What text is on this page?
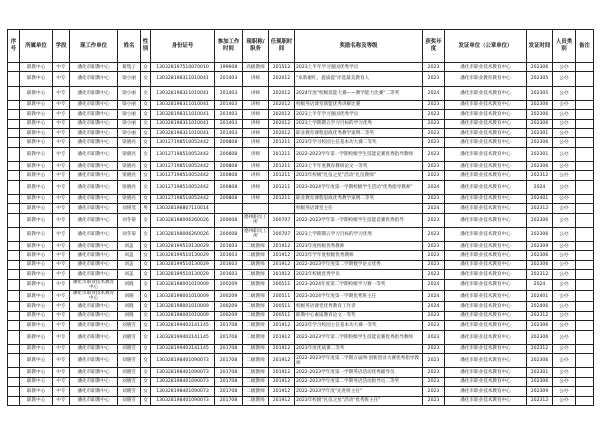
序号	所属单位	学段	现工作单位	姓名	性别	身份证号	参加工作时间	现职称/职务	任现职时间	奖励名称及等级	获奖年度	发证单位（公章单位）	发证时间	人员类别	备注
	职教中心	中专	潘化市职教中心	葛集子	女	130328197510070010	199608	高级教师	201512	2023上半年学习强国优秀学员	2023	潘化市职业技术教育中心	202306	公办	
	职教中心	中专	潘化市职教中心	梁小丽	女	130328198311010041	201403	讲师	202012	"卓新谢红，提质提"评选最美教育人	2023	潘化市职业教育教育中心	202305	公办	
	职教中心	中专	潘化市职教中心	梁小丽	女	130328198311010041	201403	讲师	202012	2024年度"校级技能大赛——教学能力比赛"二等奖	2024	潘化市职业技术教育中心	202305	公办	
	职教中心	中专	潘化市职教中心	梁小丽	女	130328198311010041	201403	讲师	202012	校级英语课堂联盟优秀讲解比赛	2023	潘化市职业技术教育中心	202306	公办	
	职教中心	中专	潘化市职教中心	梁小丽	女	130328198311010041	201403	讲师	202012	2023上半年学习强国优秀学员	2023	潘化市职业技术教育中心	202306	公办	
	职教中心	中专	潘化市职教中心	梁小丽	女	130328198311010041	201403	讲师	202012	2023上学期期五学习目标的学习优秀	2023	潘化市职业技术教育中心	202306	公办	
	职教中心	中专	潘化市职教中心	梁小丽	女	130328198311010041	201403	讲师	202012	职业教育课程思政优秀教学案例二等奖	2023	潘化市职业技术教育中心	202301	公办	
	职教中心	中专	潘化市职教中心	梁晓亮	女	130127198510052442	200808	讲师	201211	2023年学习校园主任基本功大赛二等奖	2023	潘化市职业技术教育中心	202306	公办	
	职教中心	中专	潘化市职教中心	梁晓亮	女	130127198510052442	200808	讲师	201211	2022-2023学年第一学期校级学生技能竞赛优秀指导教师	2023	潘化市职业技术教育中心	202301	公办	
	职教中心	中专	潘化市职教中心	梁晓亮	女	130127198510052442	200808	讲师	201211	2023上半年度教育教研论文一等奖	2023	潘化市职业技术教育中心	202306	公办	
	职教中心	中专	潘化市职教中心	梁晓亮	女	130127198510052442	200808	讲师	201211	2023年校级"礼仪之星"活动"礼仪教师"	2023	潘化市职业技术教育中心	202312	公办	
	职教中心	中专	潘化市职教中心	梁晓亮	女	130127198510052442	200808	讲师	201211	2023-2024学年度第一学期校级学生活动"优秀指导教师"	2024	潘化市职业技术教育中心	2024	公办	
	职教中心	中专	潘化市职教中心	梁晓亮	女	130127198510052442	200808	讲师	201211	职业教育课程思政优秀教学案例二等奖	2023	潘化市职业技术教育中心	202401	公办	
	职教中心	中专	潘化市职教中心	刘僖茂	男	130328198807110014				校级英语课堂主任	2024	潘化市职业技术教育中心	202312	公办	
	职教中心	中专	潘化市职教中心	刘冬菊	女	130328198006260026	200008	德州职员工所	200707	2022-2023学年第一学期校级学生技能竞赛优秀指导	2023	潘化市职业技术教育中心	202306	公办	
	职教中心	中专	潘化市职教中心	刘冬菊	女	130328198006260026	200008	德州职员工所	200707	2023上学期期五学习目标的学习优秀	2023	潘化市职业技术教育中心	202306	公办	
	职教中心	中专	潘化市职教中心	刘盖	女	130328199510130029	201603	二级教师	201912	2023年度校级优秀教师	2023	潘化市职业技术教育中心	202309	公办	
	职教中心	中专	潘化市职教中心	刘盖	女	130328199510130029	201603	二级教师	201912	2023年学年度校级优秀教师	2023	潘化市职业技术教育中心	202306	公办	
	职教中心	中专	潘化市职教中心	刘盖	女	130328199510130029	201603	二级教师	201912	2022-2023学年度第二学期数学论文优秀	2023	潘化市职业技术教育中心	202306	公办	
	职教中心	中专	潘化市职教中心	刘盖	女	130328199510130029	201603	二级教师	201912	2023年校级优秀学员	2023	潘化市职业技术教育中心	202312	公办	
	职教中心	中专	潘化市职业技术教育中心	刘晓	女	130328198001010009	200209	二级教师	200511	2023-2024年度第二学期校级学习赛一等奖	2024	潘化市职业技术教育中心	2024	公办	
	职教中心	中专	潘化市职业技术教育中心	刘晓	女	130328198001010009	200209	二级教师	200511	2023-2024学年度第一学期优秀班主任	2024	潘化市职业技术教育中心	202401	公办	
	职教中心	中专	潘化市职教中心	刘晓	女	130328198001010009	200209	二级教师	200511	校级英语课堂优秀教育工作者	2024	潘化市职业技术教育中心	202406	公办	
	职教中心	中专	潘化市职教中心	刘晓	女	130328198001010009	200209	二级教师	200511	职教中心素质教育论文一等奖	2023	潘化市职业技术教育中心	202312	公办	
	职教中心	中专	潘化市职教中心	刘晓雪	女	130328199402141145	201708	二级教师	201912	2023年学习校园主任基本功大赛一等奖	2023	潘化市职业技术教育中心	202306	公办	
	职教中心	中专	潘化市职教中心	刘晓雪	女	130328199402141145	201708	二级教师	201912	2022-2023学年第二学期校级学生技能竞赛优秀指导教师	2023	潘化市职业技术教育中心	202306	公办	
	职教中心	中专	潘化市职教中心	刘晓雪	女	130328199402141145	201708	二级教师	201912	2023年度优质课二等奖	2023	潘化市职业技术教育中心	202312	公办	
	职教中心	中专	潘化市职教中心	刘晓雪	女	130328198401090073	201708	二级教师	201912	2022-2023学年度第二学期五届网·创新创业大赛优秀指导教师	2023	潘化市职业技术教育中心	202306	公办	
	职教中心	中专	潘化市职教中心	刘晓雪	女	130328198401090073	201708	二级教师	201912	2022-2023学年度第一学期英语活动优秀辅导员	2023	潘化市职业技术教育中心	202301	公办	
	职教中心	中专	潘化市职教中心	刘晓雪	女	130328198401090073	201708	二级教师	201912	2022-2023学年度第二学期英语活动指导员二等奖	2023	潘化市职业技术教育中心	202306	公办	
	职教中心	中专	潘化市职教中心	刘晓雪	女	130328198401090073	201708	二级教师	201912	2022-2023学年度"先进班主任"	2023	潘化市职业技术教育中心	202309	公办	
	职教中心	中专	潘化市职教中心	刘晓雪	女	130328198401090073	201708	二级教师	201912	2023年校级"礼仪之星"活动"优秀班主任"	2023	潘化市职业技术教育中心	202312	公办	
